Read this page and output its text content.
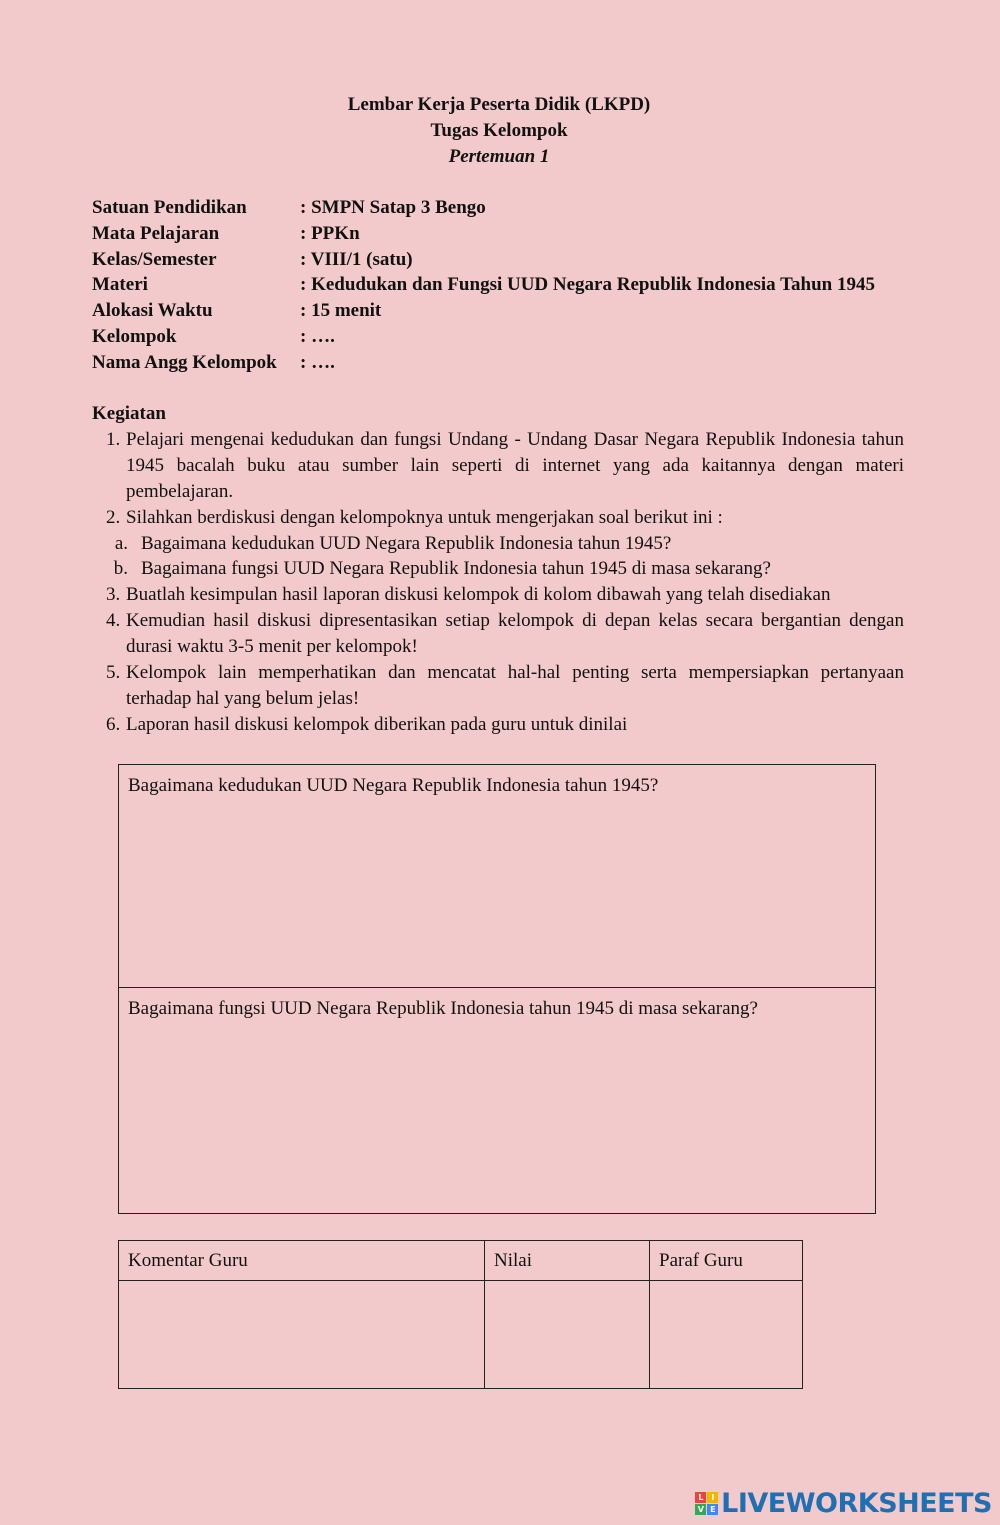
Lembar Kerja Peserta Didik (LKPD)
Tugas Kelompok
Pertemuan 1
Satuan Pendidikan	: SMPN Satap 3 Bengo
Mata Pelajaran	: PPKn
Kelas/Semester	: VIII/1 (satu)
Materi	: Kedudukan dan Fungsi UUD Negara Republik Indonesia Tahun 1945
Alokasi Waktu	: 15 menit
Kelompok	: ….
Nama Angg Kelompok	: ….
Kegiatan
1. Pelajari mengenai kedudukan dan fungsi Undang - Undang Dasar Negara Republik Indonesia tahun 1945 bacalah buku atau sumber lain seperti di internet yang ada kaitannya dengan materi pembelajaran.
2. Silahkan berdiskusi dengan kelompoknya untuk mengerjakan soal berikut ini :
a. Bagaimana kedudukan UUD Negara Republik Indonesia tahun 1945?
b. Bagaimana fungsi UUD Negara Republik Indonesia tahun 1945 di masa sekarang?
3. Buatlah kesimpulan hasil laporan diskusi kelompok di kolom dibawah yang telah disediakan
4. Kemudian hasil diskusi dipresentasikan setiap kelompok di depan kelas secara bergantian dengan durasi waktu 3-5 menit per kelompok!
5. Kelompok lain memperhatikan dan mencatat hal-hal penting serta mempersiapkan pertanyaan terhadap hal yang belum jelas!
6. Laporan hasil diskusi kelompok diberikan pada guru untuk dinilai
Bagaimana kedudukan UUD Negara Republik Indonesia tahun 1945?
Bagaimana fungsi UUD Negara Republik Indonesia tahun 1945 di masa sekarang?
Komentar Guru	Nilai	Paraf Guru

L	I
V E LIVEWORKSHEETS
